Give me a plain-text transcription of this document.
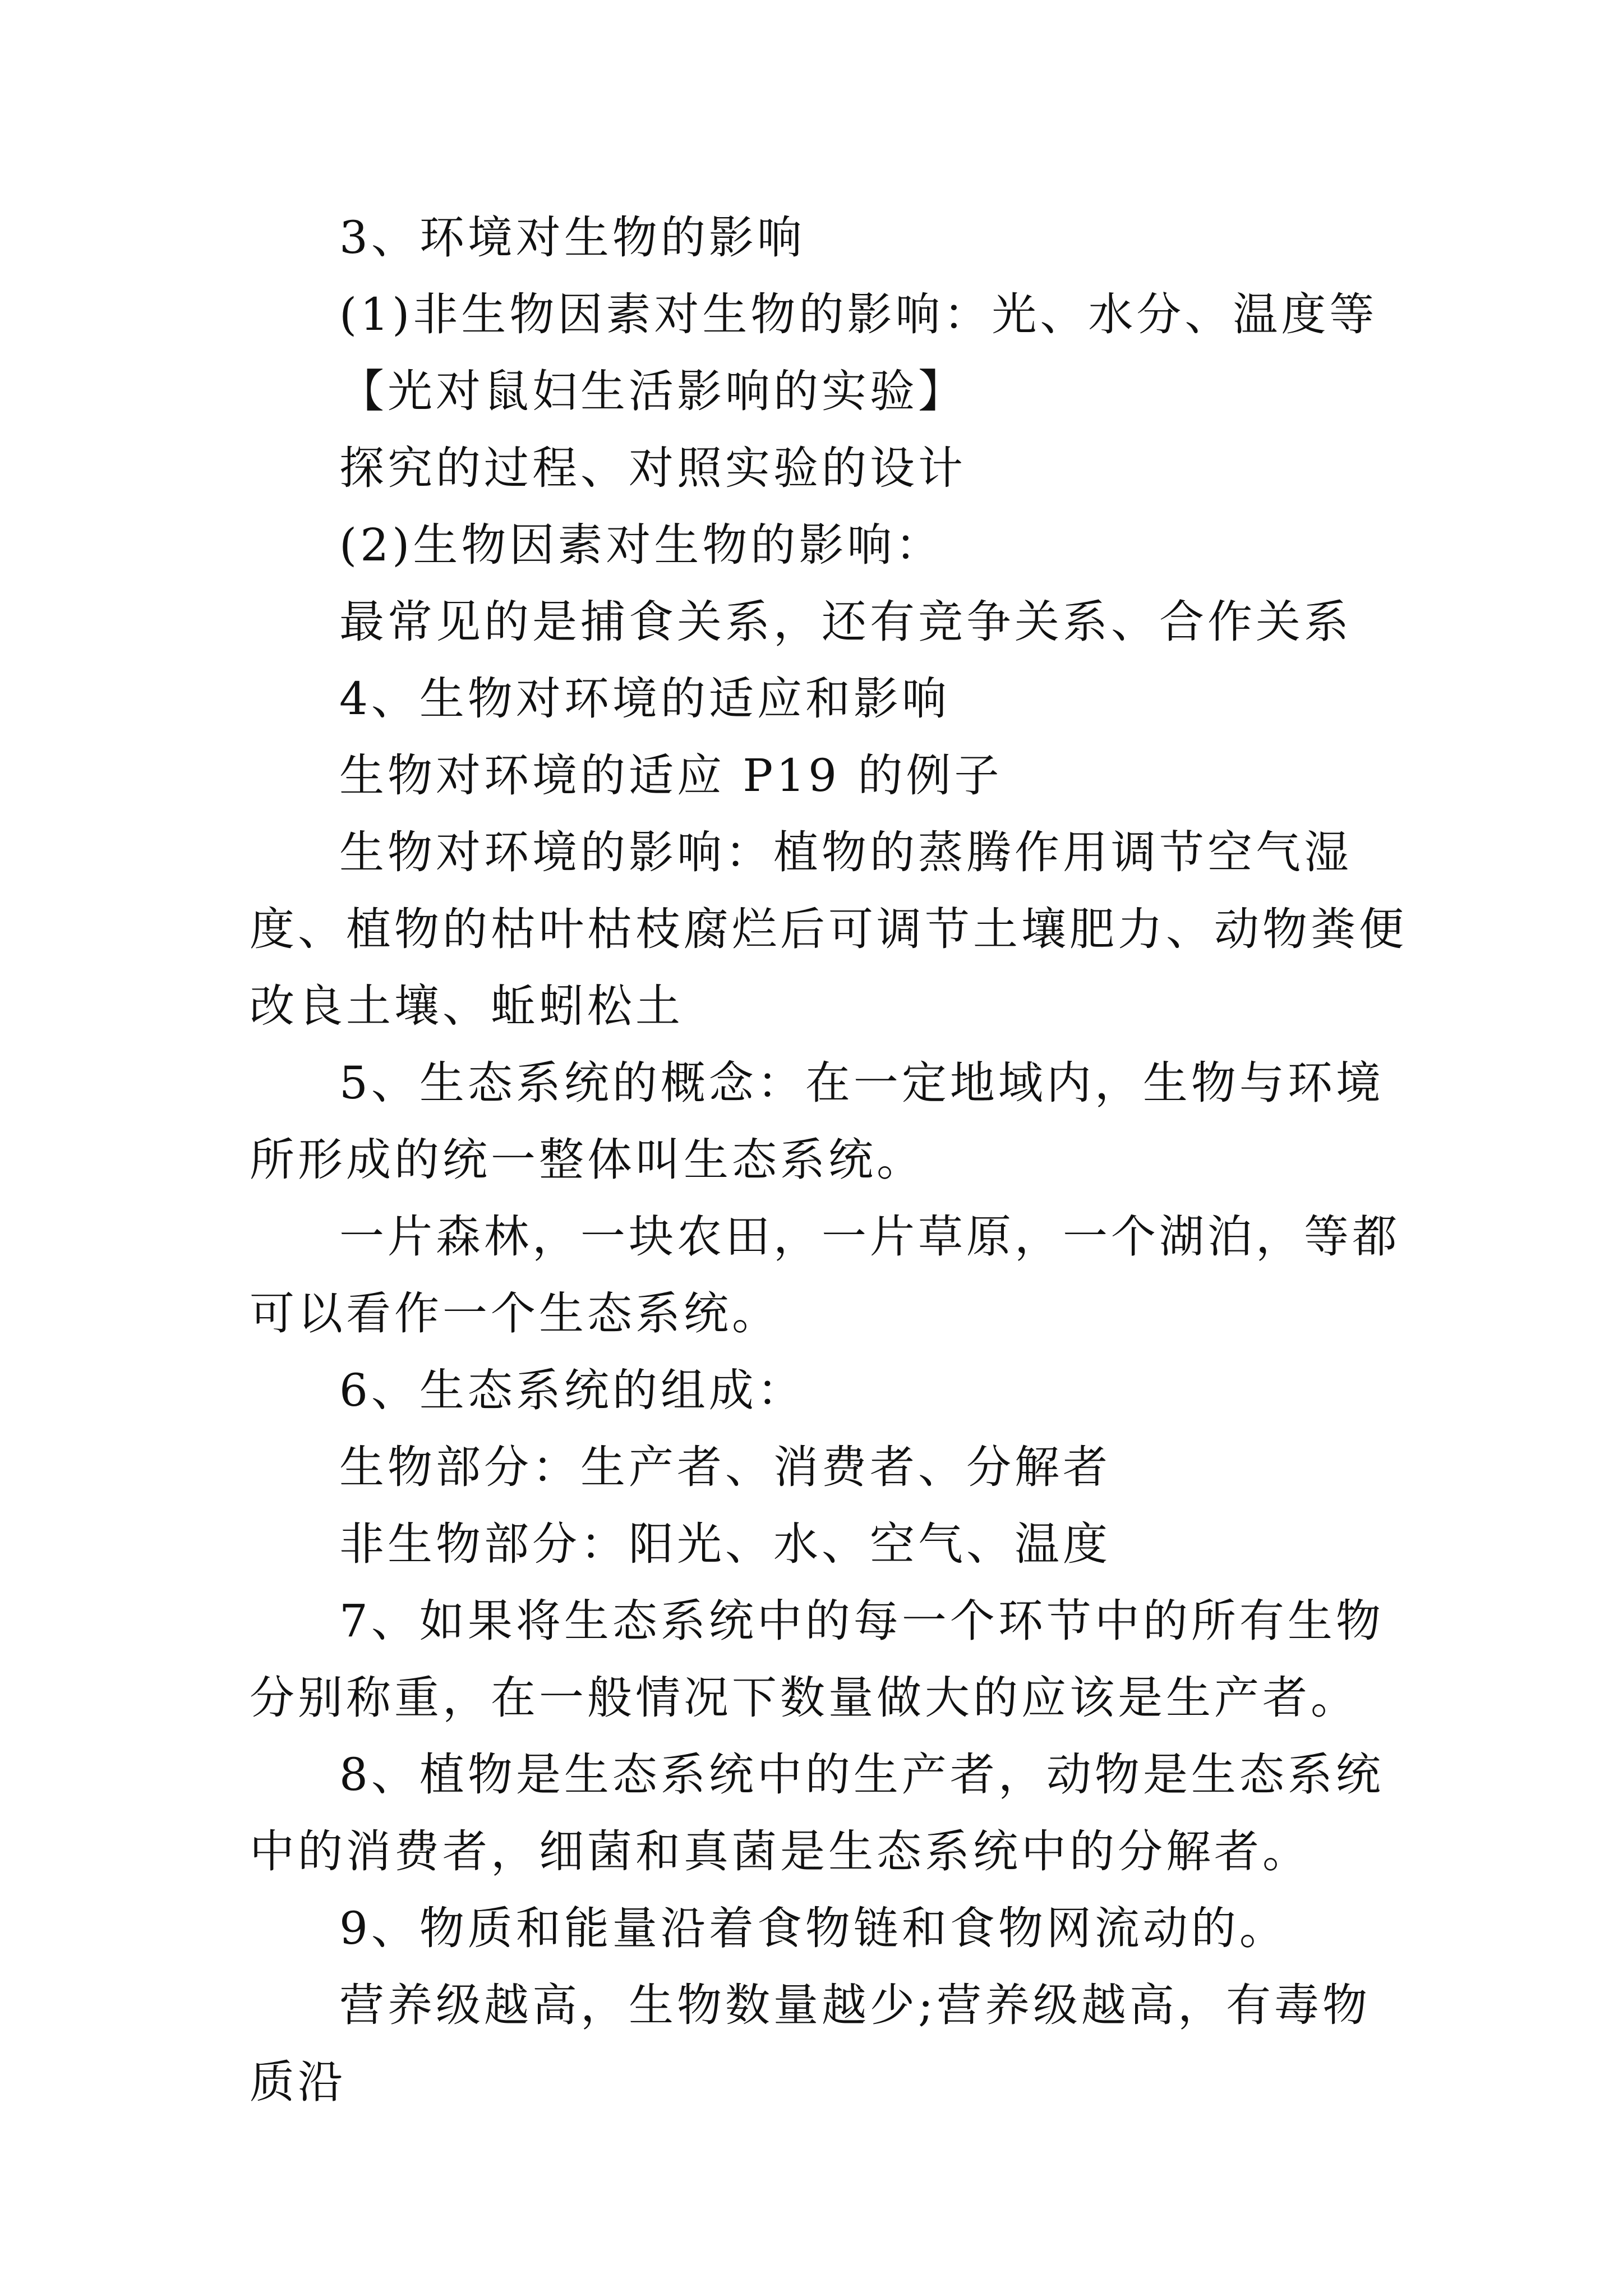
3、环境对生物的影响

(1)非生物因素对生物的影响：光、水分、温度等

【光对鼠妇生活影响的实验】

探究的过程、对照实验的设计

(2)生物因素对生物的影响：

最常见的是捕食关系，还有竞争关系、合作关系

4、生物对环境的适应和影响

生物对环境的适应 P19 的例子

生物对环境的影响：植物的蒸腾作用调节空气湿度、植物的枯叶枯枝腐烂后可调节土壤肥力、动物粪便改良土壤、蚯蚓松土

5、生态系统的概念：在一定地域内，生物与环境所形成的统一整体叫生态系统。

一片森林，一块农田，一片草原，一个湖泊，等都可以看作一个生态系统。

6、生态系统的组成：

生物部分：生产者、消费者、分解者

非生物部分：阳光、水、空气、温度

7、如果将生态系统中的每一个环节中的所有生物分别称重，在一般情况下数量做大的应该是生产者。

8、植物是生态系统中的生产者，动物是生态系统中的消费者，细菌和真菌是生态系统中的分解者。

9、物质和能量沿着食物链和食物网流动的。

营养级越高，生物数量越少;营养级越高，有毒物质沿
